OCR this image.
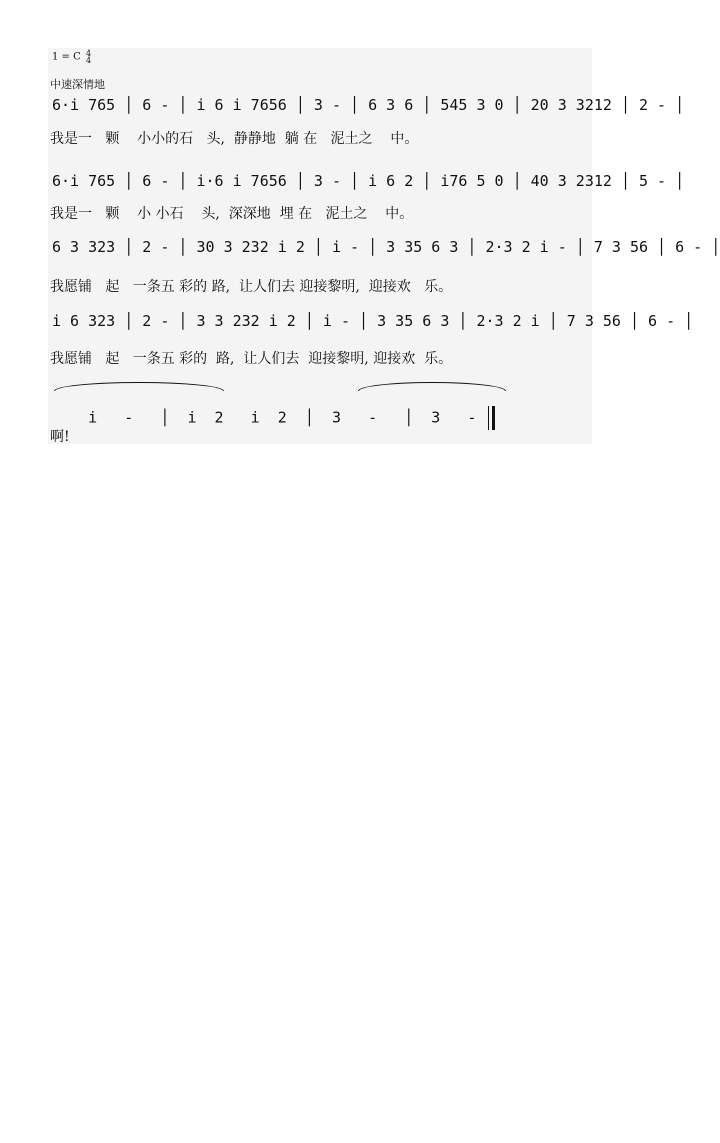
1 = C 4
4
中速深情地
6·i 765 │ 6 - │ i 6 i 7656 │ 3 - │ 6 3 6 │ 545 3 0 │ 20 3 3212 │ 2 - │
我是一   颗    小小的石   头,  静静地  躺 在   泥土之    中。
6·i 765 │ 6 - │ i·6 i 7656 │ 3 - │ i 6 2 │ i76 5 0 │ 40 3 2312 │ 5 - │
我是一   颗    小 小石    头,  深深地  埋 在   泥土之    中。
6 3 323 │ 2 - │ 30 3 232 i 2 │ i - │ 3 35 6 3 │ 2·3 2 i - │ 7 3 56 │ 6 - │
我愿铺   起   一条五 彩的 路,  让人们去 迎接黎明,  迎接欢   乐。
i 6 323 │ 2 - │ 3 3 232 i 2 │ i - │ 3 35 6 3 │ 2·3 2 i │ 7 3 56 │ 6 - │
我愿铺   起   一条五 彩的  路,  让人们去  迎接黎明, 迎接欢  乐。

i   -   │  i  2   i  2  │  3   -   │  3   -

啊!
